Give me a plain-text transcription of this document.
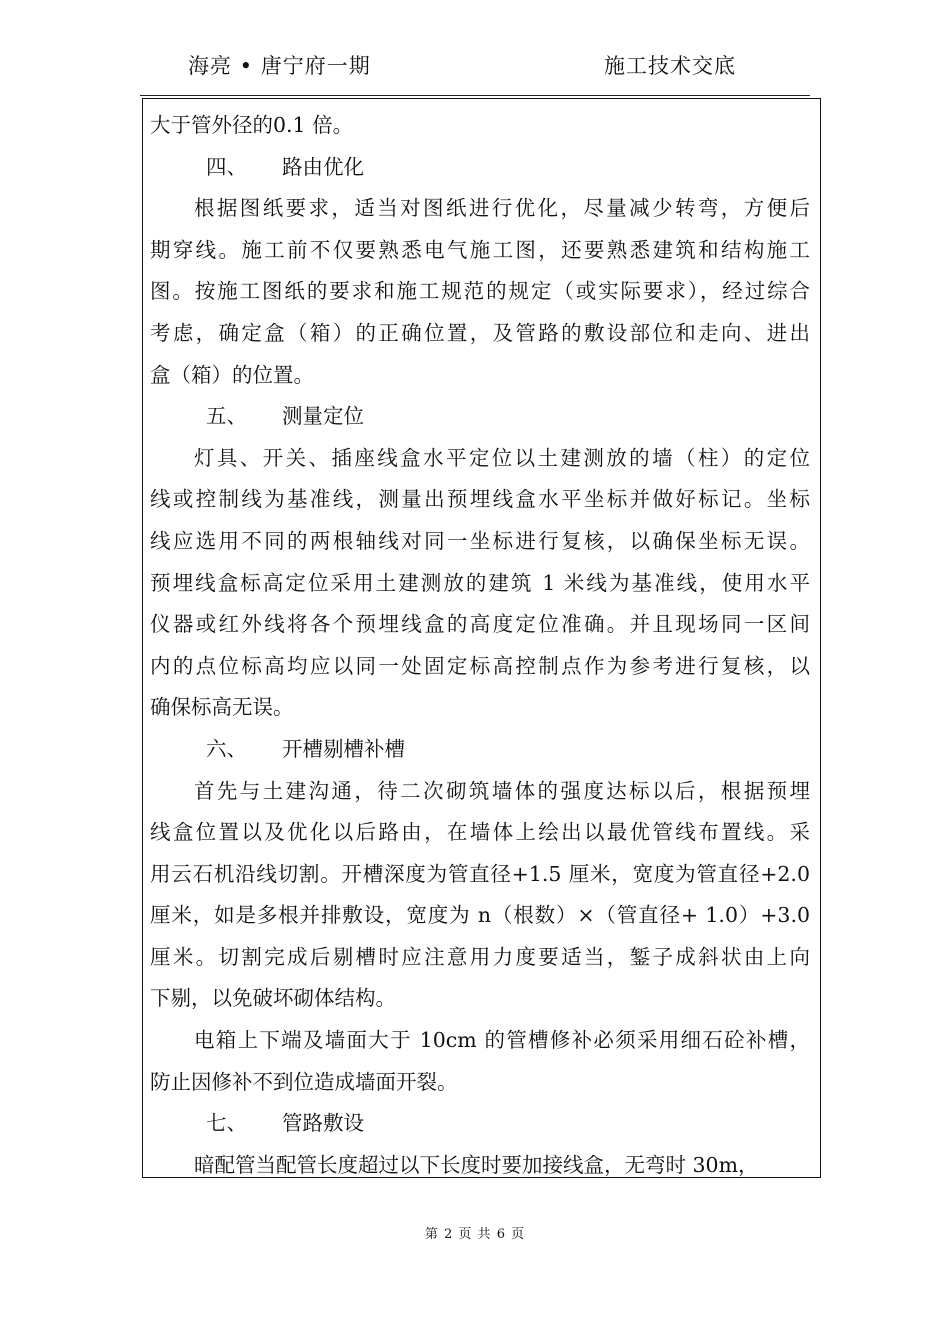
海亮 • 唐宁府一期	施工技术交底
大于管外径的0.1 倍。
四、 路由优化
根据图纸要求，适当对图纸进行优化，尽量减少转弯，方便后
期穿线。施工前不仅要熟悉电气施工图，还要熟悉建筑和结构施工
图。按施工图纸的要求和施工规范的规定（或实际要求），经过综合
考虑，确定盒（箱）的正确位置，及管路的敷设部位和走向、进出
盒（箱）的位置。
五、 测量定位
灯具、开关、插座线盒水平定位以土建测放的墙（柱）的定位
线或控制线为基准线，测量出预埋线盒水平坐标并做好标记。坐标
线应选用不同的两根轴线对同一坐标进行复核，以确保坐标无误。
预埋线盒标高定位采用土建测放的建筑 1 米线为基准线，使用水平
仪器或红外线将各个预埋线盒的高度定位准确。并且现场同一区间
内的点位标高均应以同一处固定标高控制点作为参考进行复核，以
确保标高无误。
六、 开槽剔槽补槽
首先与土建沟通，待二次砌筑墙体的强度达标以后，根据预埋
线盒位置以及优化以后路由，在墙体上绘出以最优管线布置线。采
用云石机沿线切割。开槽深度为管直径+1.5 厘米，宽度为管直径+2.0
厘米，如是多根并排敷设，宽度为 n（根数）×（管直径+ 1.0）+3.0
厘米。切割完成后剔槽时应注意用力度要适当，錾子成斜状由上向
下剔，以免破坏砌体结构。
电箱上下端及墙面大于 10cm 的管槽修补必须采用细石砼补槽，
防止因修补不到位造成墙面开裂。
七、 管路敷设
暗配管当配管长度超过以下长度时要加接线盒，无弯时 30m，
第 2 页 共 6 页
